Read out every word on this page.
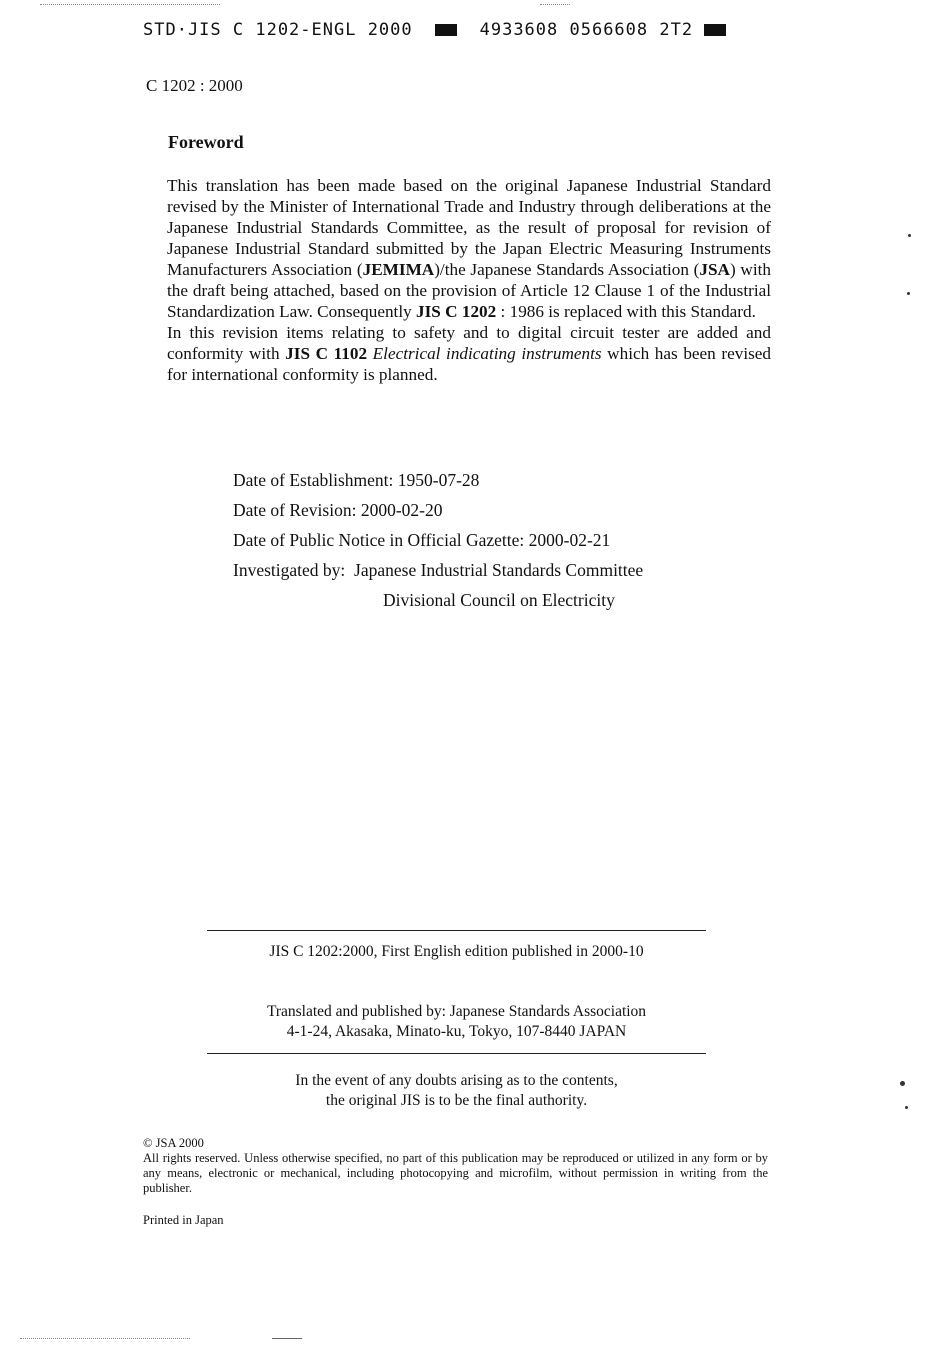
STD·JIS C 1202-ENGL 2000	4933608 0566608 2T2
C 1202 : 2000
Foreword

This translation has been made based on the original Japanese Industrial Standard revised by the Minister of International Trade and Industry through deliberations at the Japanese Industrial Standards Committee, as the result of proposal for revision of Japanese Industrial Standard submitted by the Japan Electric Measuring Instruments Manufacturers Association (JEMIMA)/the Japanese Standards Association (JSA) with the draft being attached, based on the provision of Article 12 Clause 1 of the Industrial Standardization Law. Consequently JIS C 1202 : 1986 is replaced with this Standard.

In this revision items relating to safety and to digital circuit tester are added and conformity with JIS C 1102 Electrical indicating instruments which has been revised for international conformity is planned.

Date of Establishment: 1950-07-28
Date of Revision: 2000-02-20
Date of Public Notice in Official Gazette: 2000-02-21
Investigated by: Japanese Industrial Standards Committee
Divisional Council on Electricity
JIS C 1202:2000, First English edition published in 2000-10
Translated and published by: Japanese Standards Association
4-1-24, Akasaka, Minato-ku, Tokyo, 107-8440 JAPAN
In the event of any doubts arising as to the contents,
the original JIS is to be the final authority.
© JSA 2000
All rights reserved. Unless otherwise specified, no part of this publication may be reproduced or utilized in any form or by any means, electronic or mechanical, including photocopying and microfilm, without permission in writing from the publisher.
Printed in Japan
